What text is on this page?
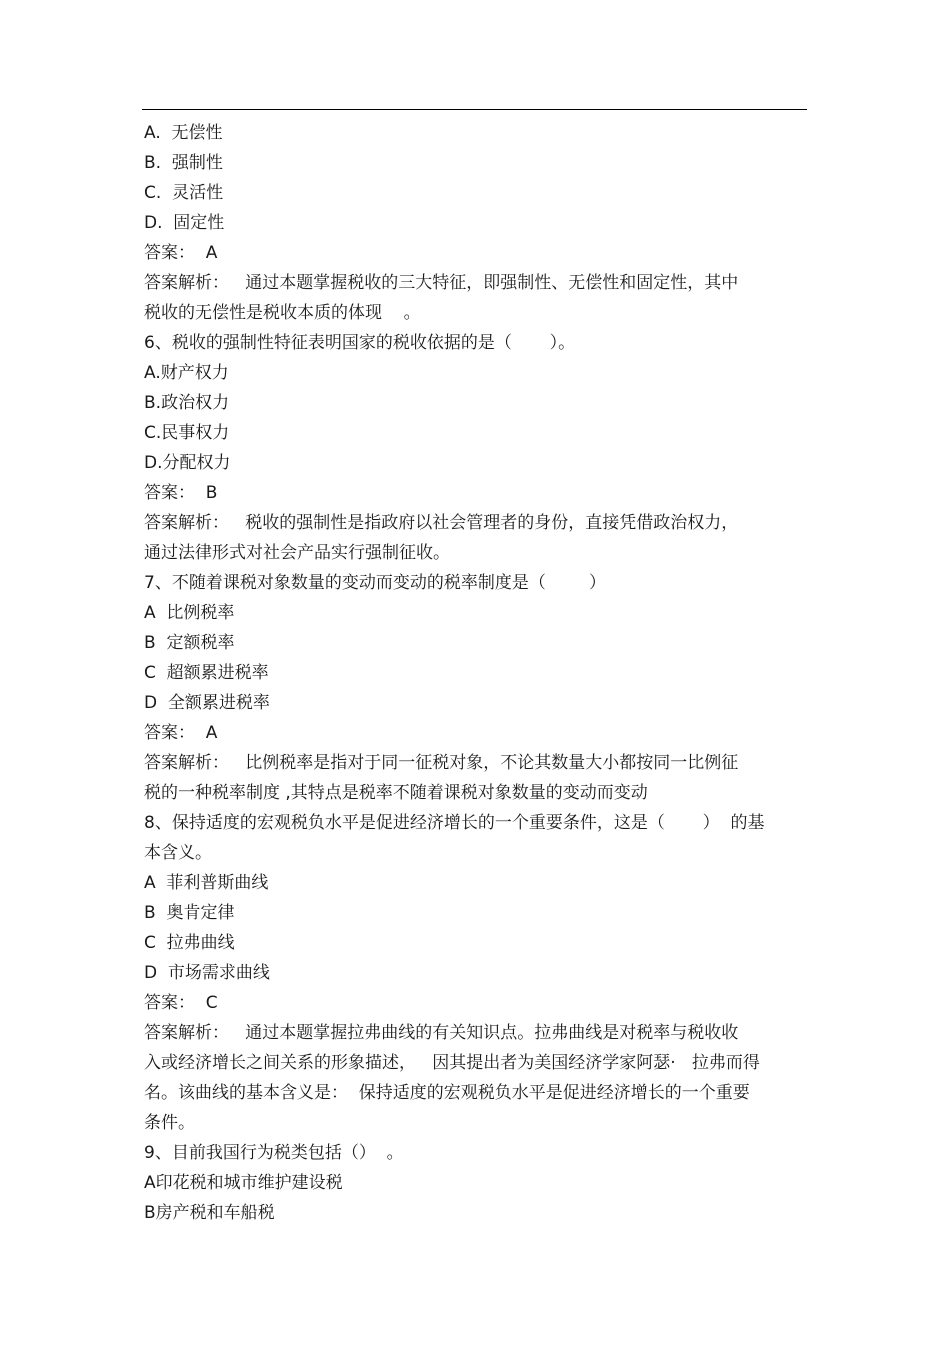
A.  无偿性
B.  强制性
C.  灵活性
D.  固定性
答案：  A
答案解析：   通过本题掌握税收的三大特征，即强制性、无偿性和固定性，其中
税收的无偿性是税收本质的体现    。
6、税收的强制性特征表明国家的税收依据的是（       ）。
A.财产权力
B.政治权力
C.民事权力
D.分配权力
答案：  B
答案解析：   税收的强制性是指政府以社会管理者的身份，直接凭借政治权力，
通过法律形式对社会产品实行强制征收。
7、不随着课税对象数量的变动而变动的税率制度是（        ）
A  比例税率
B  定额税率
C  超额累进税率
D  全额累进税率
答案：  A
答案解析：   比例税率是指对于同一征税对象，不论其数量大小都按同一比例征
税的一种税率制度 ,其特点是税率不随着课税对象数量的变动而变动
8、保持适度的宏观税负水平是促进经济增长的一个重要条件，这是（       ）  的基
本含义。
A  菲利普斯曲线
B  奥肯定律
C  拉弗曲线
D  市场需求曲线
答案：  C
答案解析：   通过本题掌握拉弗曲线的有关知识点。拉弗曲线是对税率与税收收
入或经济增长之间关系的形象描述，   因其提出者为美国经济学家阿瑟·   拉弗而得
名。该曲线的基本含义是：  保持适度的宏观税负水平是促进经济增长的一个重要
条件。
9、目前我国行为税类包括（）  。
A印花税和城市维护建设税
B房产税和车船税
